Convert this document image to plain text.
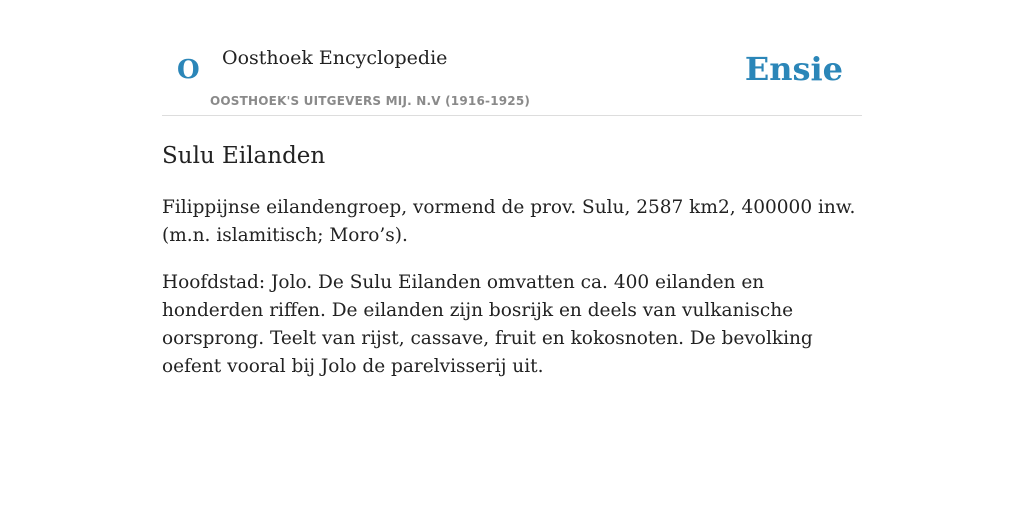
O Oosthoek Encyclopedie
OOSTHOEK'S UITGEVERS MIJ. N.V (1916-1925)
Ensie
Sulu Eilanden

Filippijnse eilandengroep, vormend de prov. Sulu, 2587 km2, 400000 inw. (m.n. islamitisch; Moro’s).

Hoofdstad: Jolo. De Sulu Eilanden omvatten ca. 400 eilanden en honderden riffen. De eilanden zijn bosrijk en deels van vulkanische oorsprong. Teelt van rijst, cassave, fruit en kokosnoten. De bevolking oefent vooral bij Jolo de parelvisserij uit.
